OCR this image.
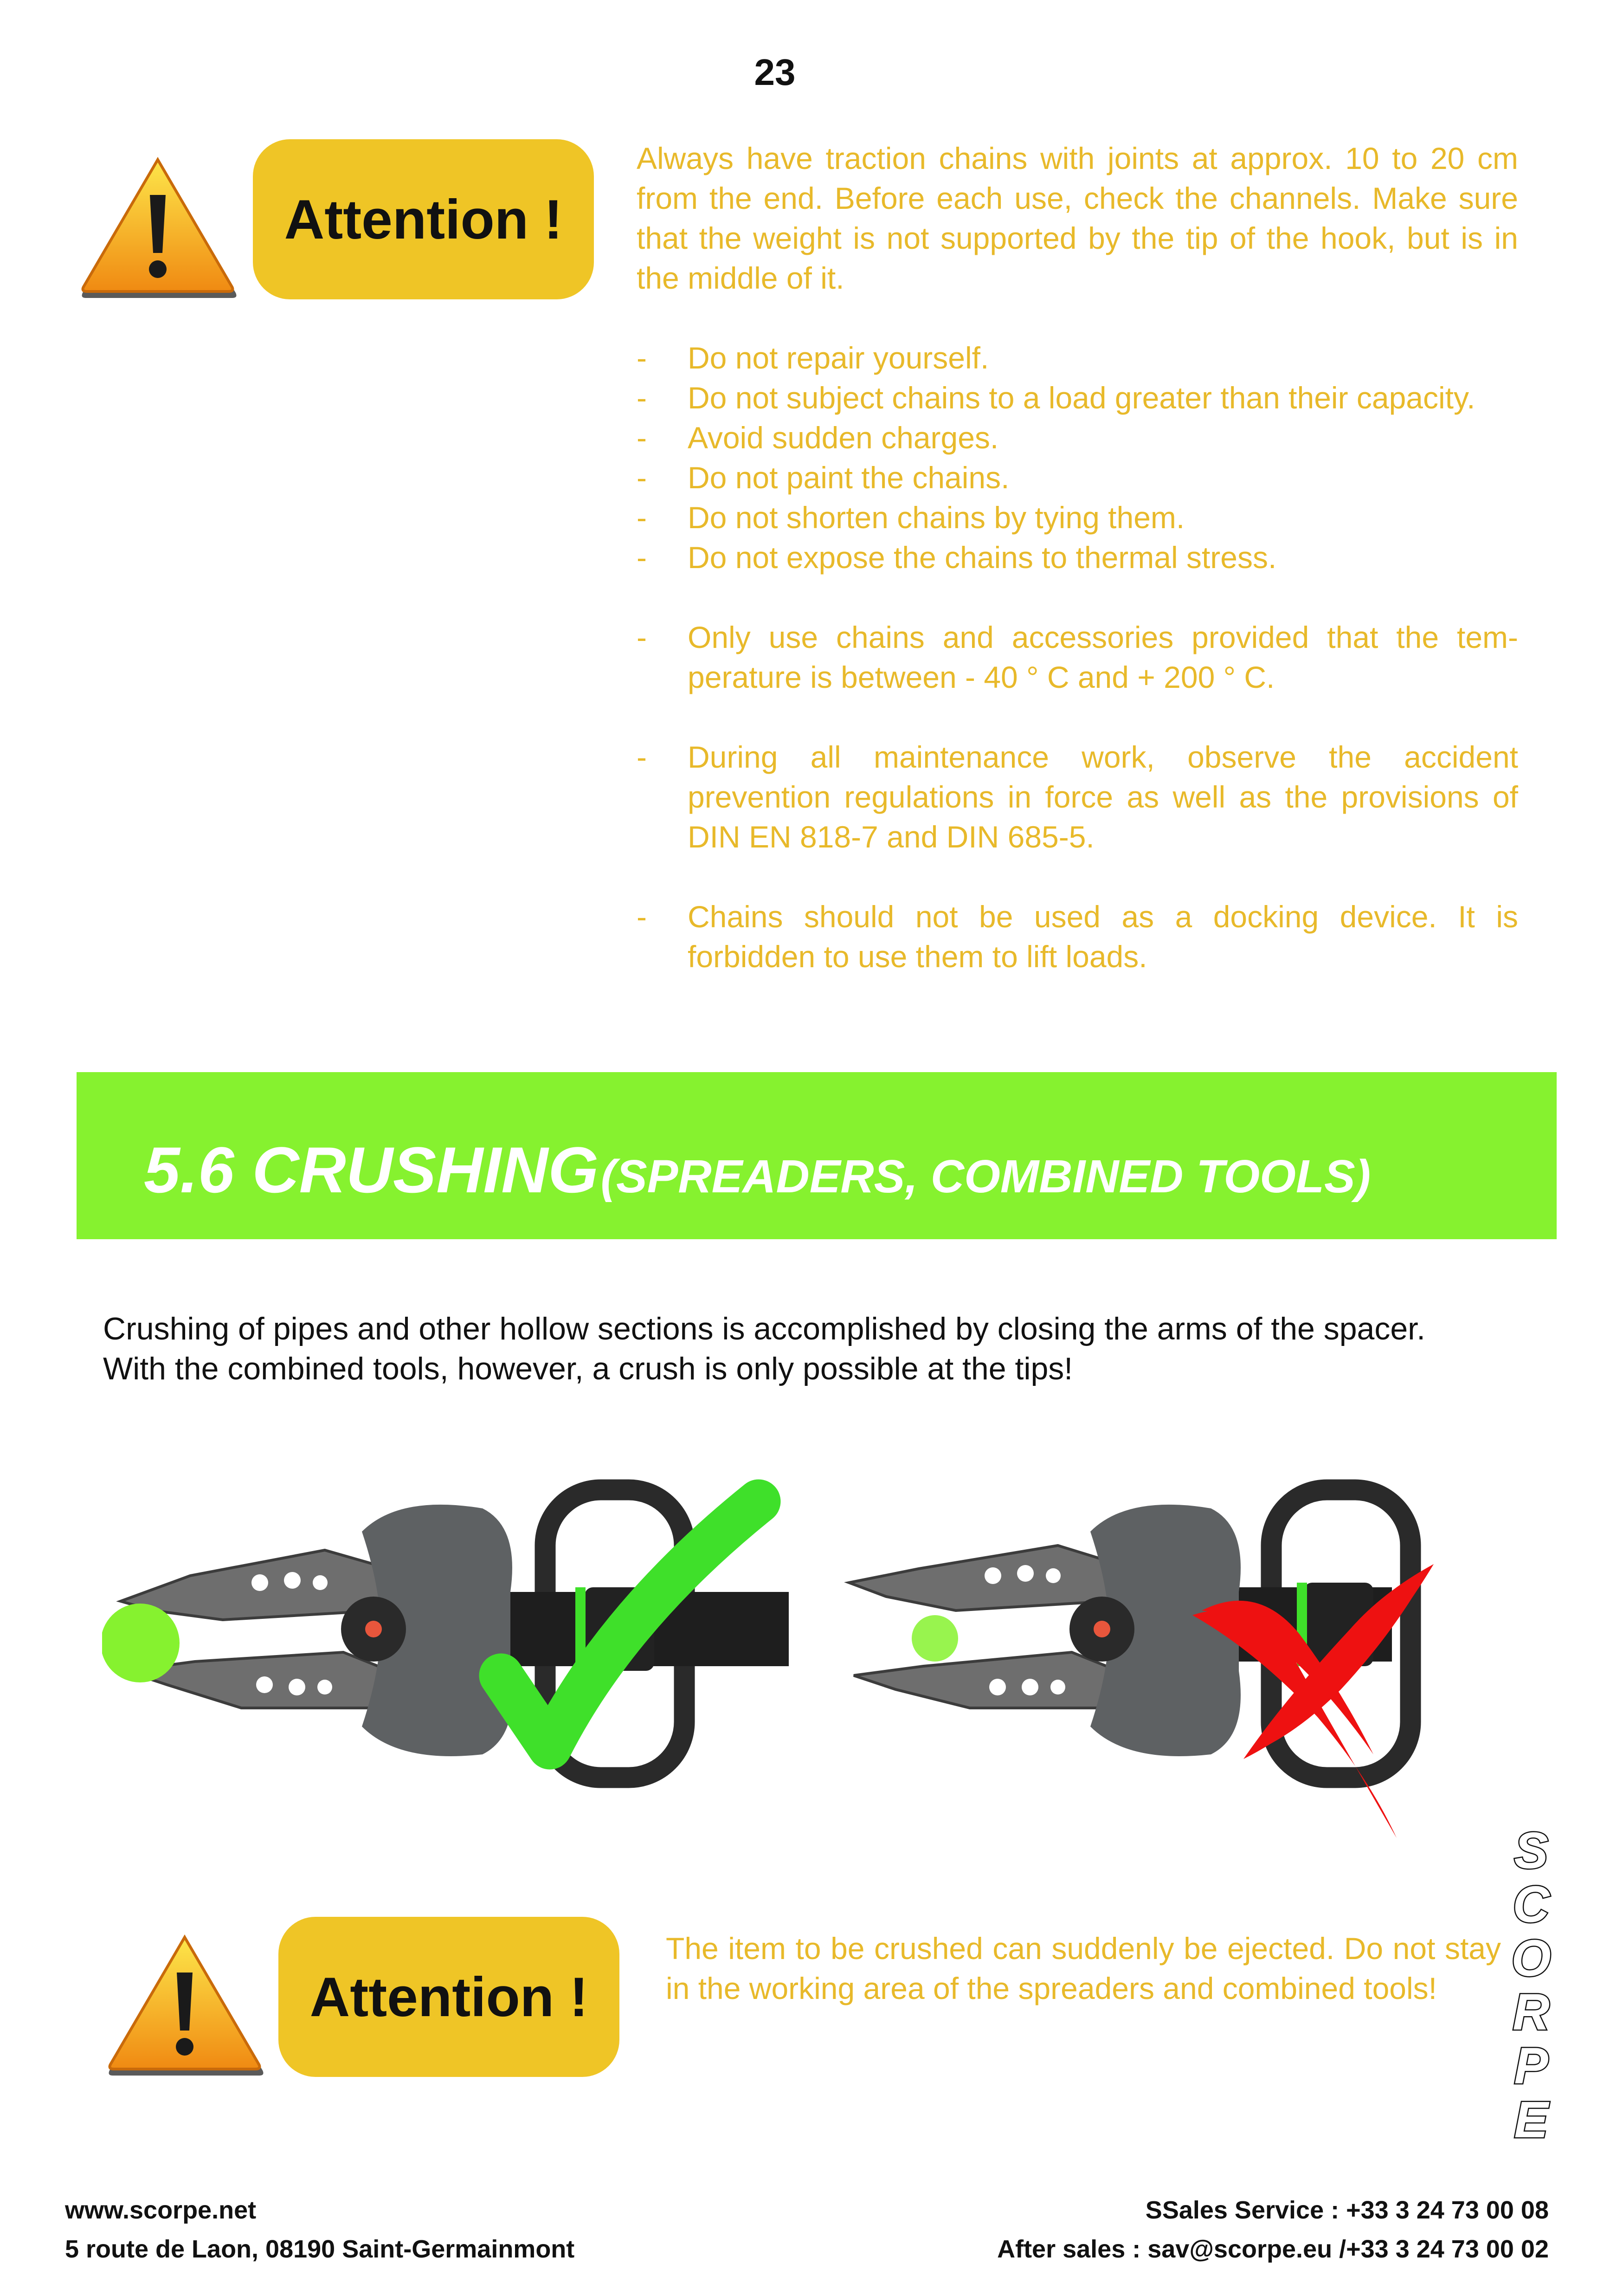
23
Attention !

Always have traction chains with joints at approx. 10 to 20 cm from the end. Before each use, check the channels. Make sure that the weight is not supported by the tip of the hook, but is in the middle of it.

-	Do not repair yourself.
-	Do not subject chains to a load greater than their capacity.
-	Avoid sudden charges.
-	Do not paint the chains.
-	Do not shorten chains by tying them.
-	Do not expose the chains to thermal stress.
-	Only use chains and accessories provided that the tem-perature is between - 40 ° C and + 200 ° C.
-	During all maintenance work, observe the accident prevention regulations in force as well as the provisions of DIN EN 818-7 and DIN 685-5.
-	Chains should not be used as a docking device. It is forbidden to use them to lift loads.
5.6 CRUSHING (SPREADERS, COMBINED TOOLS)

Crushing of pipes and other hollow sections is accomplished by closing the arms of the spacer.

With the combined tools, however, a crush is only possible at the tips!

Attention !

The item to be crushed can suddenly be ejected. Do not stay in the working area of the spreaders and combined tools!

S
C
O
R
P
E
www.scorpe.net
5 route de Laon, 08190 Saint-Germainmont
SSales Service : +33 3 24 73 00 08
After sales : sav@scorpe.eu /+33 3 24 73 00 02
